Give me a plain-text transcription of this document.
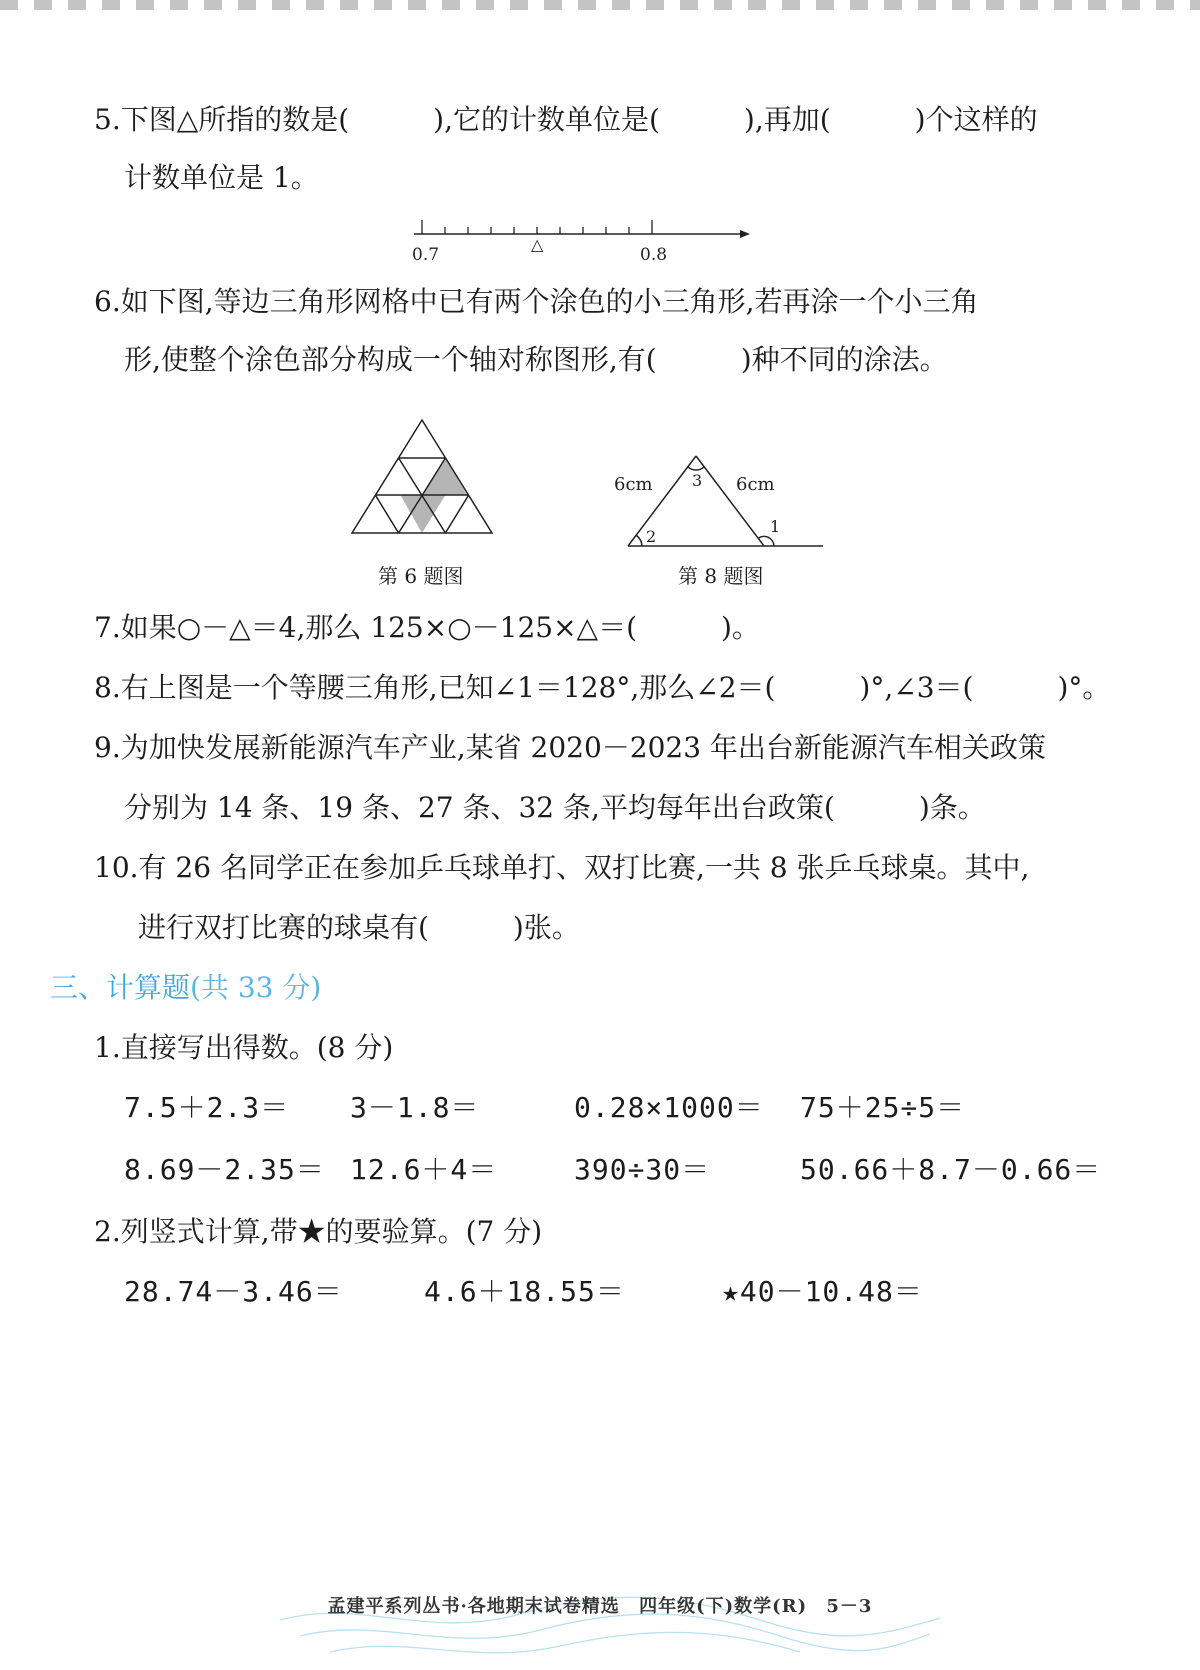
5.下图△所指的数是(　　　),它的计数单位是(　　　),再加(　　　)个这样的
计数单位是 1。
0.7
△
0.8
6.如下图,等边三角形网格中已有两个涂色的小三角形,若再涂一个小三角
形,使整个涂色部分构成一个轴对称图形,有(　　　)种不同的涂法。
第 6 题图
6cm	6cm
3
2
1
第 8 题图
7.如果○－△＝4,那么 125×○－125×△＝(　　　)。
8.右上图是一个等腰三角形,已知∠1＝128°,那么∠2＝(　　　)°,∠3＝(　　　)°。
9.为加快发展新能源汽车产业,某省 2020－2023 年出台新能源汽车相关政策
分别为 14 条、19 条、27 条、32 条,平均每年出台政策(　　　)条。
10.有 26 名同学正在参加乒乓球单打、双打比赛,一共 8 张乒乓球桌。其中,
进行双打比赛的球桌有(　　　)张。
三、计算题(共 33 分)
1.直接写出得数。(8 分)
7.5＋2.3＝ 3－1.8＝	0.28×1000＝ 75＋25÷5＝
8.69－2.35＝ 12.6＋4＝	390÷30＝	50.66＋8.7－0.66＝
2.列竖式计算,带★的要验算。(7 分)
28.74－3.46＝	4.6＋18.55＝	★40－10.48＝
孟建平系列丛书·各地期末试卷精选 四年级(下)数学(R) 5－3
